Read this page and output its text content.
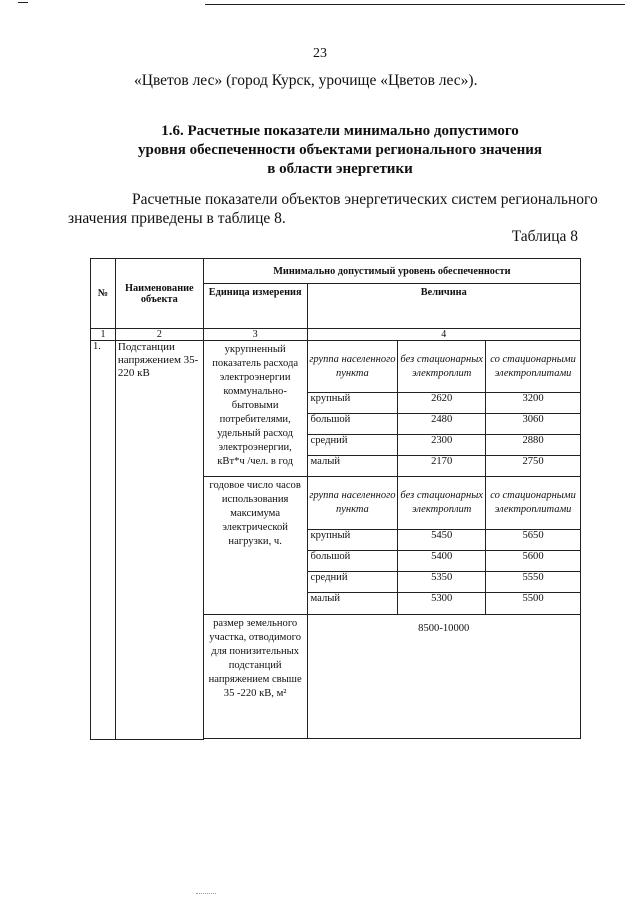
23
«Цветов лес» (город Курск, урочище «Цветов лес»).
1.6. Расчетные показатели минимально допустимого
уровня обеспеченности объектами регионального значения
в области энергетики
Расчетные показатели объектов энергетических систем регионального
значения приведены в таблице 8.
Таблица 8
№	Наименование объекта	Минимально допустимый уровень обеспеченности			
		Единица измерения	Величина		
1	2	3	4		
1.	Подстанции напряжением 35-220 кВ	укрупненный показатель расхода электроэнергии коммунально-бытовыми потребителями, удельный расход электроэнергии, кВт*ч /чел. в год	группа населенного пункта	без стационарных электроплит	со стационарными электроплитами
			крупный	2620	3200
			большой	2480	3060
			средний	2300	2880
			малый	2170	2750
		годовое число часов использования максимума электрической нагрузки, ч.	группа населенного пункта	без стационарных электроплит	со стационарными электроплитами
			крупный	5450	5650
			большой	5400	5600
			средний	5350	5550
			малый	5300	5500
		размер земельного участка, отводимого для понизительных подстанций напряжением свыше 35 -220 кВ, м²	8500-10000		
